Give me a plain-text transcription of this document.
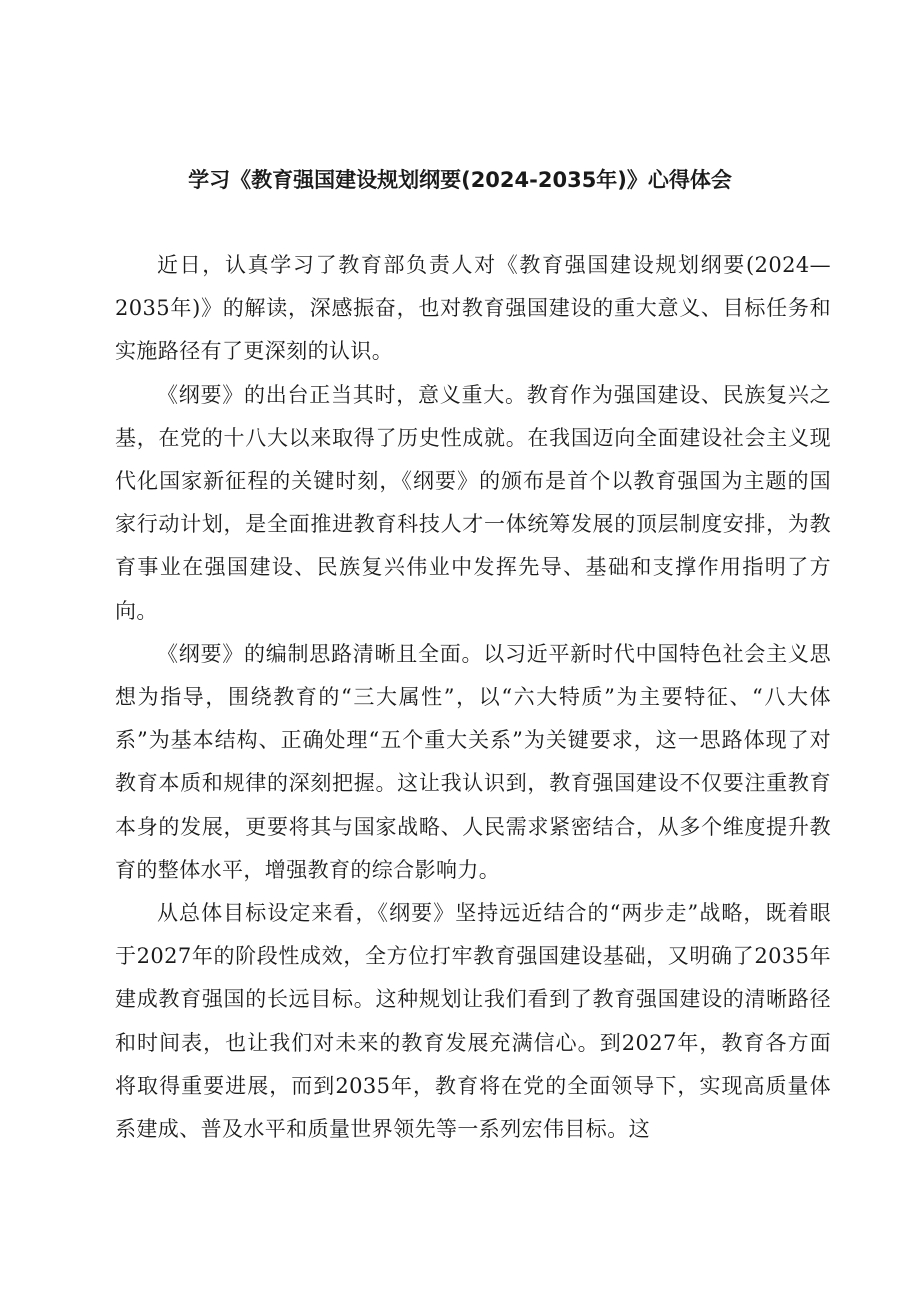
学习《教育强国建设规划纲要(2024-2035年)》心得体会

近日，认真学习了教育部负责人对《教育强国建设规划纲要(2024—2035年)》的解读，深感振奋，也对教育强国建设的重大意义、目标任务和实施路径有了更深刻的认识。

《纲要》的出台正当其时，意义重大。教育作为强国建设、民族复兴之基，在党的十八大以来取得了历史性成就。在我国迈向全面建设社会主义现代化国家新征程的关键时刻，《纲要》的颁布是首个以教育强国为主题的国家行动计划，是全面推进教育科技人才一体统筹发展的顶层制度安排，为教育事业在强国建设、民族复兴伟业中发挥先导、基础和支撑作用指明了方向。

《纲要》的编制思路清晰且全面。以习近平新时代中国特色社会主义思想为指导，围绕教育的“三大属性”，以“六大特质”为主要特征、“八大体系”为基本结构、正确处理“五个重大关系”为关键要求，这一思路体现了对教育本质和规律的深刻把握。这让我认识到，教育强国建设不仅要注重教育本身的发展，更要将其与国家战略、人民需求紧密结合，从多个维度提升教育的整体水平，增强教育的综合影响力。

从总体目标设定来看，《纲要》坚持远近结合的“两步走”战略，既着眼于2027年的阶段性成效，全方位打牢教育强国建设基础，又明确了2035年建成教育强国的长远目标。这种规划让我们看到了教育强国建设的清晰路径和时间表，也让我们对未来的教育发展充满信心。到2027年，教育各方面将取得重要进展，而到2035年，教育将在党的全面领导下，实现高质量体系建成、普及水平和质量世界领先等一系列宏伟目标。这
